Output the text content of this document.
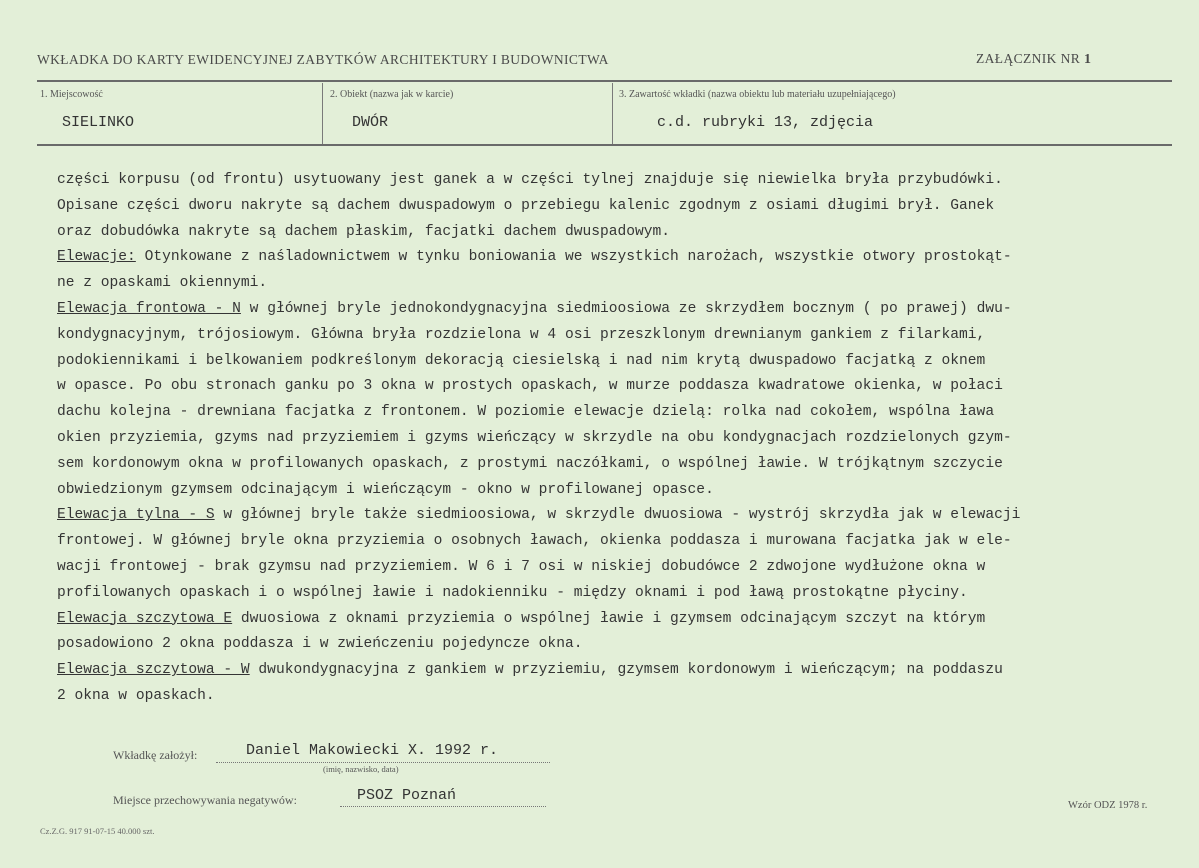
WKŁADKA DO KARTY EWIDENCYJNEJ ZABYTKÓW ARCHITEKTURY I BUDOWNICTWA	ZAŁĄCZNIK NR 1
1. Miejscowość
SIELINKO
2. Obiekt (nazwa jak w karcie)
DWÓR
3. Zawartość wkładki (nazwa obiektu lub materiału uzupełniającego)
c.d. rubryki 13, zdjęcia
części korpusu (od frontu) usytuowany jest ganek a w części tylnej znajduje się niewielka bryła przybudówki.
Opisane części dworu nakryte są dachem dwuspadowym o przebiegu kalenic zgodnym z osiami długimi brył. Ganek
oraz dobudówka nakryte są dachem płaskim, facjatki dachem dwuspadowym.
Elewacje: Otynkowane z naśladownictwem w tynku boniowania we wszystkich narożach, wszystkie otwory prostokąt-
ne z opaskami okiennymi.
Elewacja frontowa - N w głównej bryle jednokondygnacyjna siedmioosiowa ze skrzydłem bocznym ( po prawej) dwu-
kondygnacyjnym, trójosiowym. Główna bryła rozdzielona w 4 osi przeszklonym drewnianym gankiem z filarkami,
podokiennikami i belkowaniem podkreślonym dekoracją ciesielską i nad nim krytą dwuspadowo facjatką z oknem
w opasce. Po obu stronach ganku po 3 okna w prostych opaskach, w murze poddasza kwadratowe okienka, w połaci
dachu kolejna - drewniana facjatka z frontonem. W poziomie elewacje dzielą: rolka nad cokołem, wspólna ława
okien przyziemia, gzyms nad przyziemiem i gzyms wieńczący w skrzydle na obu kondygnacjach rozdzielonych gzym-
sem kordonowym okna w profilowanych opaskach, z prostymi naczółkami, o wspólnej ławie. W trójkątnym szczycie
obwiedzionym gzymsem odcinającym i wieńczącym - okno w profilowanej opasce.
Elewacja tylna - S w głównej bryle także siedmioosiowa, w skrzydle dwuosiowa - wystrój skrzydła jak w elewacji
frontowej. W głównej bryle okna przyziemia o osobnych ławach, okienka poddasza i murowana facjatka jak w ele-
wacji frontowej - brak gzymsu nad przyziemiem. W 6 i 7 osi w niskiej dobudówce 2 zdwojone wydłużone okna w
profilowanych opaskach i o wspólnej ławie i nadokienniku - między oknami i pod ławą prostokątne płyciny.
Elewacja szczytowa E dwuosiowa z oknami przyziemia o wspólnej ławie i gzymsem odcinającym szczyt na którym
posadowiono 2 okna poddasza i w zwieńczeniu pojedyncze okna.
Elewacja szczytowa - W dwukondygnacyjna z gankiem w przyziemiu, gzymsem kordonowym i wieńczącym; na poddaszu
2 okna w opaskach.
Wkładkę założył:	Daniel Makowiecki X. 1992 r.
(imię, nazwisko, data)
Miejsce przechowywania negatywów:	PSOZ Poznań
Cz.Z.G. 917 91-07-15 40.000 szt.
Wzór ODZ 1978 r.
